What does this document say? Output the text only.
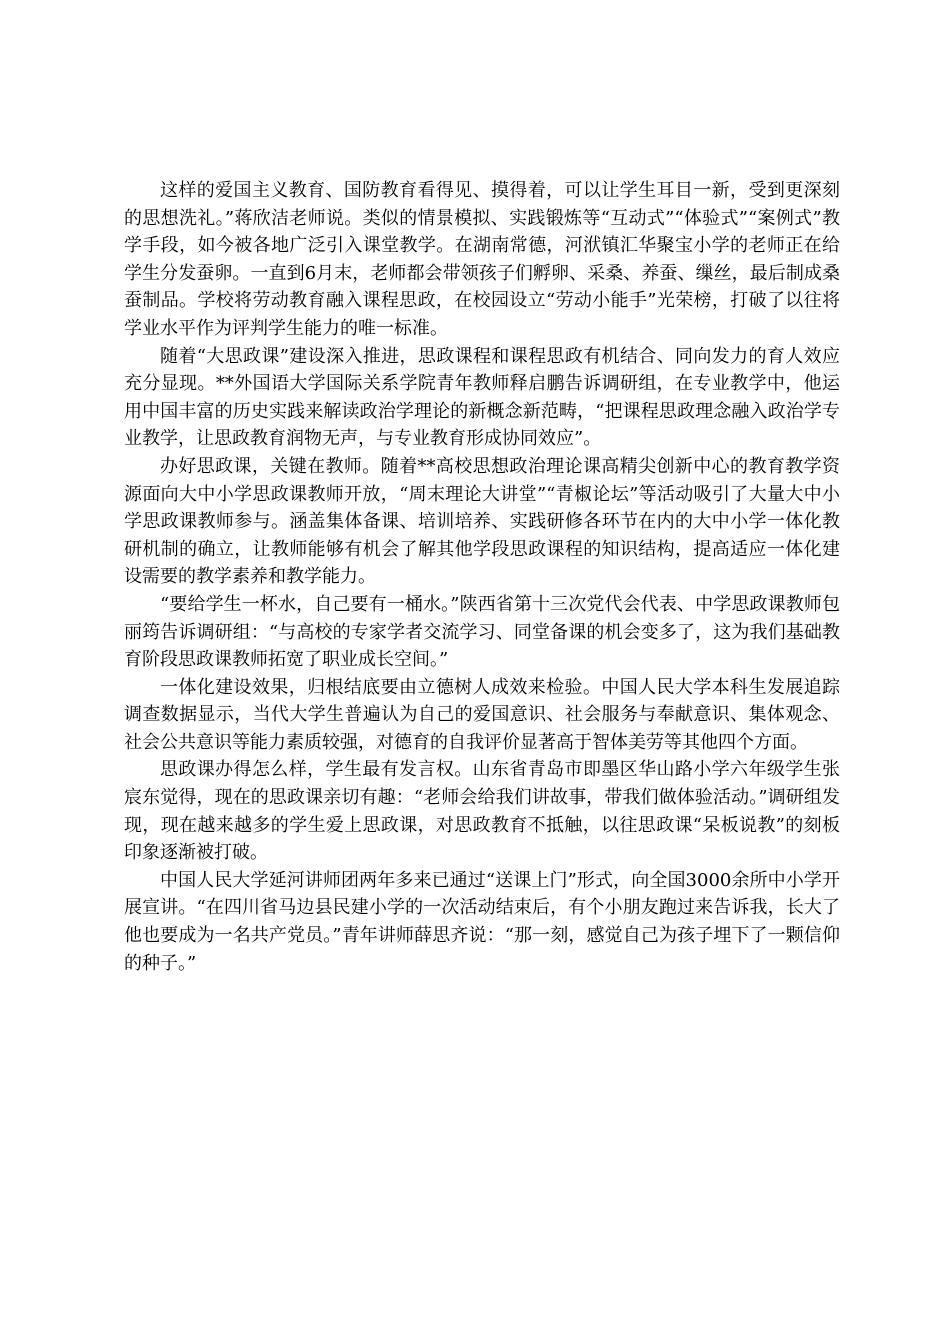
这样的爱国主义教育、国防教育看得见、摸得着，可以让学生耳目一新，受到更深刻的思想洗礼。”蒋欣洁老师说。类似的情景模拟、实践锻炼等“互动式”“体验式”“案例式”教学手段，如今被各地广泛引入课堂教学。在湖南常德，河洑镇汇华聚宝小学的老师正在给学生分发蚕卵。一直到6月末，老师都会带领孩子们孵卵、采桑、养蚕、缫丝，最后制成桑蚕制品。学校将劳动教育融入课程思政，在校园设立“劳动小能手”光荣榜，打破了以往将学业水平作为评判学生能力的唯一标准。

随着“大思政课”建设深入推进，思政课程和课程思政有机结合、同向发力的育人效应充分显现。**外国语大学国际关系学院青年教师释启鹏告诉调研组，在专业教学中，他运用中国丰富的历史实践来解读政治学理论的新概念新范畴，“把课程思政理念融入政治学专业教学，让思政教育润物无声，与专业教育形成协同效应”。

办好思政课，关键在教师。随着**高校思想政治理论课高精尖创新中心的教育教学资源面向大中小学思政课教师开放，“周末理论大讲堂”“青椒论坛”等活动吸引了大量大中小学思政课教师参与。涵盖集体备课、培训培养、实践研修各环节在内的大中小学一体化教研机制的确立，让教师能够有机会了解其他学段思政课程的知识结构，提高适应一体化建设需要的教学素养和教学能力。

“要给学生一杯水，自己要有一桶水。”陕西省第十三次党代会代表、中学思政课教师包丽筠告诉调研组：“与高校的专家学者交流学习、同堂备课的机会变多了，这为我们基础教育阶段思政课教师拓宽了职业成长空间。”

一体化建设效果，归根结底要由立德树人成效来检验。中国人民大学本科生发展追踪调查数据显示，当代大学生普遍认为自己的爱国意识、社会服务与奉献意识、集体观念、社会公共意识等能力素质较强，对德育的自我评价显著高于智体美劳等其他四个方面。

思政课办得怎么样，学生最有发言权。山东省青岛市即墨区华山路小学六年级学生张宸东觉得，现在的思政课亲切有趣：“老师会给我们讲故事，带我们做体验活动。”调研组发现，现在越来越多的学生爱上思政课，对思政教育不抵触，以往思政课“呆板说教”的刻板印象逐渐被打破。

中国人民大学延河讲师团两年多来已通过“送课上门”形式，向全国3000余所中小学开展宣讲。“在四川省马边县民建小学的一次活动结束后，有个小朋友跑过来告诉我，长大了他也要成为一名共产党员。”青年讲师薛思齐说：“那一刻，感觉自己为孩子埋下了一颗信仰的种子。”
